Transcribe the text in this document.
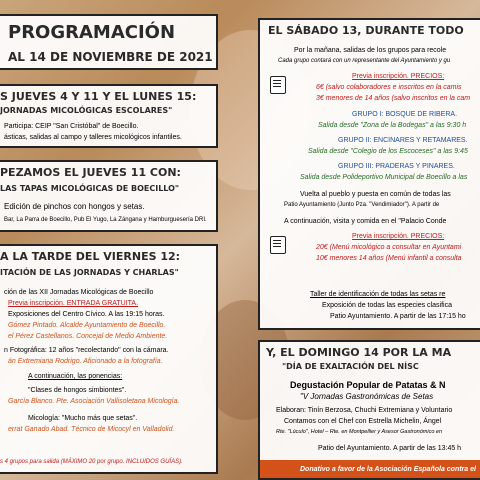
PROGRAMACIÓN
AL 14 DE NOVIEMBRE DE 2021
S JUEVES 4 Y 11 Y EL LUNES 15:
JORNADAS MICOLÓGICAS ESCOLARES"
Participa: CEIP "San Cristóbal" de Boecillo.
ásticas, salidas al campo y talleres micológicos infantiles.
PEZAMOS EL JUEVES 11 CON:
LAS TAPAS MICOLÓGICAS DE BOECILLO"
Edición de pinchos con hongos y setas.
Bar, La Parra de Boecillo, Pub El Yugo, La Zángana y Hamburguesería DRI.
A LA TARDE DEL VIERNES 12:
ITACIÓN DE LAS JORNADAS Y CHARLAS"
ción de las XII Jornadas Micológicas de Boecillo
Previa inscripción. ENTRADA GRATUITA.
Exposiciones del Centro Cívico. A las 19:15 horas.
Gómez Pintado. Alcalde Ayuntamiento de Boecillo.
el Pérez Castellanos. Concejal de Medio Ambiente.
n Fotográfica: 12 años "recolectando" con la cámara.
án Extremiana Rodrigo. Aficionado a la fotografía.
A continuación, las ponencias:
"Clases de hongos simbiontes".
García Blanco. Pte. Asociación Vallisoletana Micología.
Micología: "Mucho más que setas".
errat Ganado Abad. Técnico de Micocyl en Valladolid.
s 4 grupos para salida (MÁXIMO 20 por grupo. INCLUIDOS GUÍAS).
EL SÁBADO 13, DURANTE TODO
Por la mañana, salidas de los grupos para recole
Cada grupo contará con un representante del Ayuntamiento y gu
Previa inscripción. PRECIOS:
6€ (salvo colaboradores e inscritos en la camis
3€ menores de 14 años (salvo inscritos en la cam
GRUPO I: BOSQUE DE RIBERA.
Salida desde "Zona de la Bodegas" a las 9:30 h
GRUPO II: ENCINARES Y RETAMARES.
Salida desde "Colegio de los Escoceses" a las 9:45
GRUPO III: PRADERAS Y PINARES.
Salida desde Polideportivo Municipal de Boecillo a las
Vuelta al pueblo y puesta en común de todas las
Patio Ayuntamiento (Junto Pza. "Vendimiador"). A partir de
A continuación, visita y comida en el "Palacio Conde
Previa inscripción. PRECIOS:
20€ (Menú micológico a consultar en Ayuntami
10€ menores 14 años (Menú infantil a consulta
Taller de identificación de todas las setas re
Exposición de todas las especies clasifica
Patio Ayuntamiento. A partir de las 17:15 ho
Y, EL DOMINGO 14 POR LA MA
"DÍA DE EXALTACIÓN DEL NÍSC
Degustación Popular de Patatas & N
"V Jornadas Gastronómicas de Setas
Elaboran: Tinín Berzosa, Chuchi Extremiana y Voluntario
Contamos con el Chef con Estrella Michelin, Ángel
Rte. "Lúculo", Hotel – Rte. en Montpellier y Asesor Gastronómico en
Patio del Ayuntamiento. A partir de las 13:45 h
Donativo a favor de la Asociación Española contra el
